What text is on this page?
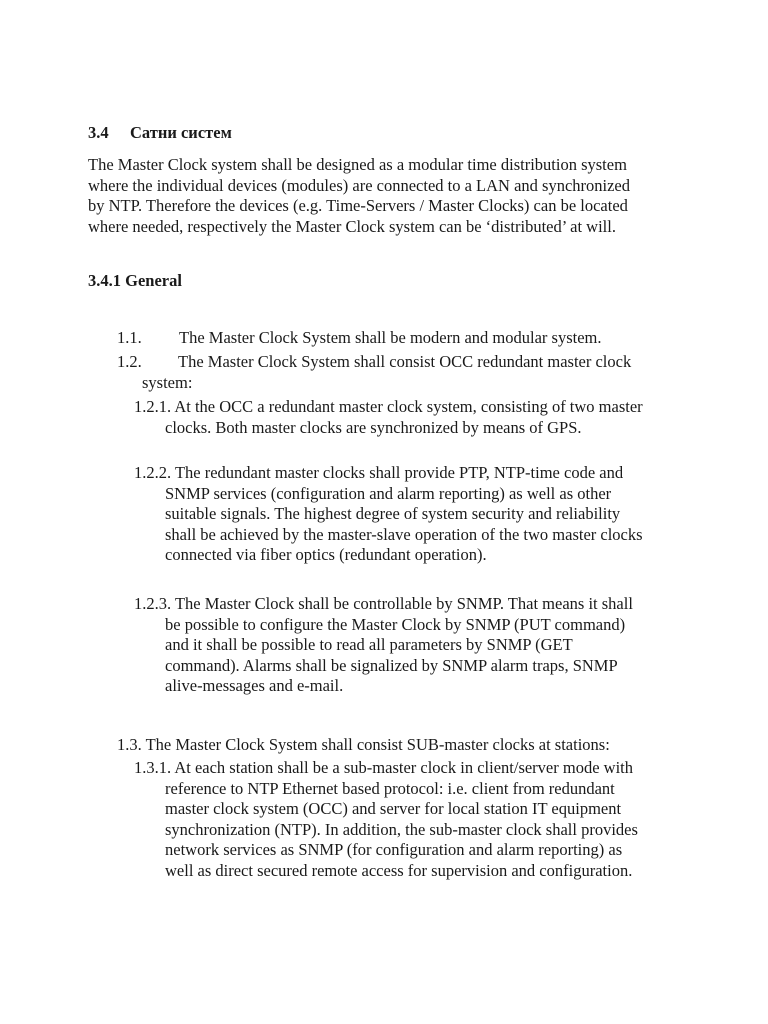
3.4 Сатни систем
The Master Clock system shall be designed as a modular time distribution system
where the individual devices (modules) are connected to a LAN and synchronized
by NTP. Therefore the devices (e.g. Time-Servers / Master Clocks) can be located
where needed, respectively the Master Clock system can be ‘distributed’ at will.
3.4.1 General
1.1. The Master Clock System shall be modern and modular system.
1.2. The Master Clock System shall consist OCC redundant master clock
system:
1.2.1. At the OCC a redundant master clock system, consisting of two master
clocks. Both master clocks are synchronized by means of GPS.
1.2.2. The redundant master clocks shall provide PTP, NTP-time code and
SNMP services (configuration and alarm reporting) as well as other
suitable signals. The highest degree of system security and reliability
shall be achieved by the master-slave operation of the two master clocks
connected via fiber optics (redundant operation).
1.2.3. The Master Clock shall be controllable by SNMP. That means it shall
be possible to configure the Master Clock by SNMP (PUT command)
and it shall be possible to read all parameters by SNMP (GET
command). Alarms shall be signalized by SNMP alarm traps, SNMP
alive-messages and e-mail.
1.3. The Master Clock System shall consist SUB-master clocks at stations:
1.3.1. At each station shall be a sub-master clock in client/server mode with
reference to NTP Ethernet based protocol: i.e. client from redundant
master clock system (OCC) and server for local station IT equipment
synchronization (NTP). In addition, the sub-master clock shall provides
network services as SNMP (for configuration and alarm reporting) as
well as direct secured remote access for supervision and configuration.
